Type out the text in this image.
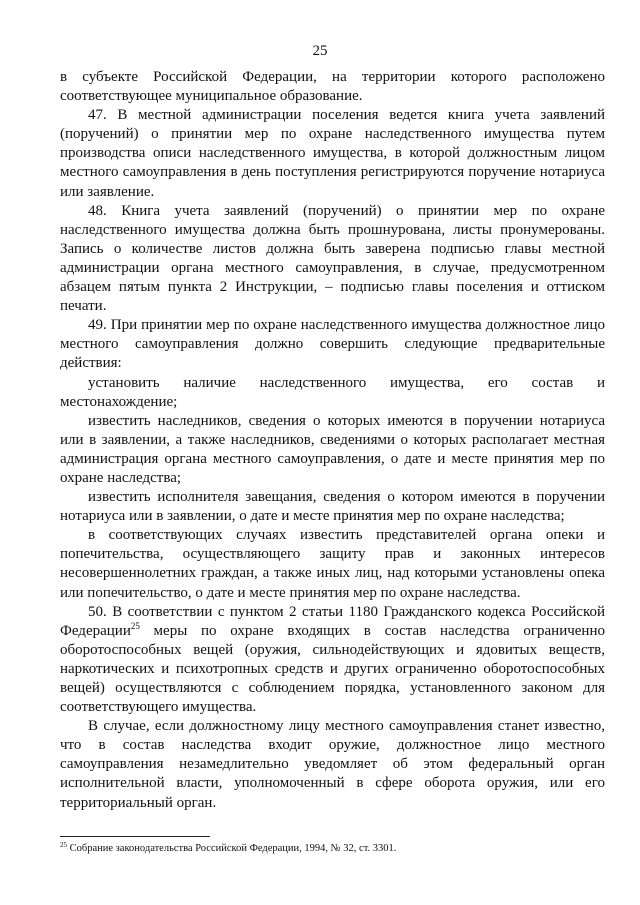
25

в субъекте Российской Федерации, на территории которого расположено соответствующее муниципальное образование.

47. В местной администрации поселения ведется книга учета заявлений (поручений) о принятии мер по охране наследственного имущества путем производства описи наследственного имущества, в которой должностным лицом местного самоуправления в день поступления регистрируются поручение нотариуса или заявление.

48. Книга учета заявлений (поручений) о принятии мер по охране наследственного имущества должна быть прошнурована, листы пронумерованы. Запись о количестве листов должна быть заверена подписью главы местной администрации органа местного самоуправления, в случае, предусмотренном абзацем пятым пункта 2 Инструкции, – подписью главы поселения и оттиском печати.

49. При принятии мер по охране наследственного имущества должностное лицо местного самоуправления должно совершить следующие предварительные действия:

установить наличие наследственного имущества, его состав и местонахождение;

известить наследников, сведения о которых имеются в поручении нотариуса или в заявлении, а также наследников, сведениями о которых располагает местная администрация органа местного самоуправления, о дате и месте принятия мер по охране наследства;

известить исполнителя завещания, сведения о котором имеются в поручении нотариуса или в заявлении, о дате и месте принятия мер по охране наследства;

в соответствующих случаях известить представителей органа опеки и попечительства, осуществляющего защиту прав и законных интересов несовершеннолетних граждан, а также иных лиц, над которыми установлены опека или попечительство, о дате и месте принятия мер по охране наследства.

50. В соответствии с пунктом 2 статьи 1180 Гражданского кодекса Российской Федерации$^{25}$ меры по охране входящих в состав наследства ограниченно оборотоспособных вещей (оружия, сильнодействующих и ядовитых веществ, наркотических и психотропных средств и других ограниченно оборотоспособных вещей) осуществляются с соблюдением порядка, установленного законом для соответствующего имущества.

В случае, если должностному лицу местного самоуправления станет известно, что в состав наследства входит оружие, должностное лицо местного самоуправления незамедлительно уведомляет об этом федеральный орган исполнительной власти, уполномоченный в сфере оборота оружия, или его территориальный орган.

$^{25}$ Собрание законодательства Российской Федерации, 1994, № 32, ст. 3301.
